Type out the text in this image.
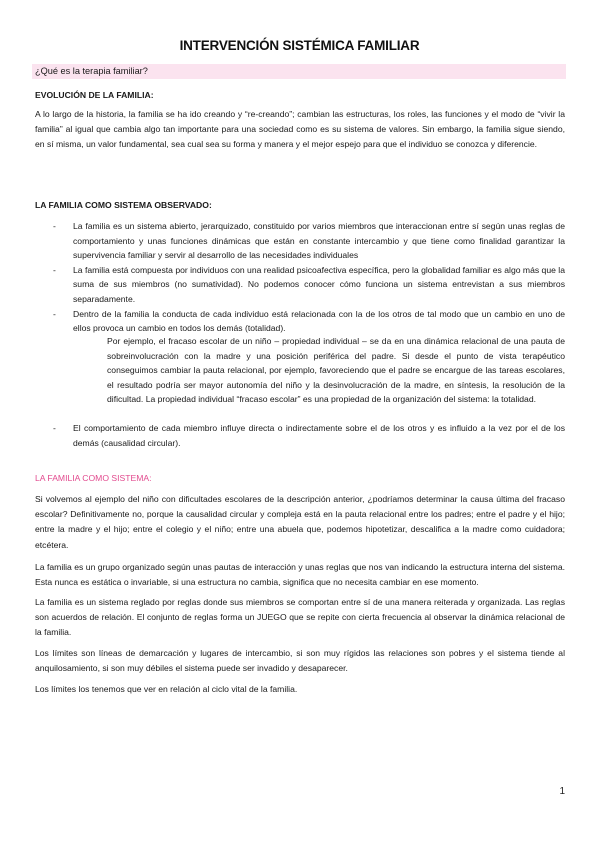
INTERVENCIÓN SISTÉMICA FAMILIAR
¿Qué es la terapia familiar?
EVOLUCIÓN DE LA FAMILIA:
A lo largo de la historia, la familia se ha ido creando y “re-creando”; cambian las estructuras, los roles, las funciones y el modo de “vivir la familia” al igual que cambia algo tan importante para una sociedad como es su sistema de valores. Sin embargo, la familia sigue siendo, en sí misma, un valor fundamental, sea cual sea su forma y manera y el mejor espejo para que el individuo se conozca y diferencie.
LA FAMILIA COMO SISTEMA OBSERVADO:
- La familia es un sistema abierto, jerarquizado, constituido por varios miembros que interaccionan entre sí según unas reglas de comportamiento y unas funciones dinámicas que están en constante intercambio y que tiene como finalidad garantizar la supervivencia familiar y servir al desarrollo de las necesidades individuales
- La familia está compuesta por individuos con una realidad psicoafectiva específica, pero la globalidad familiar es algo más que la suma de sus miembros (no sumatividad). No podemos conocer cómo funciona un sistema entrevistan a sus miembros separadamente.
- Dentro de la familia la conducta de cada individuo está relacionada con la de los otros de tal modo que un cambio en uno de ellos provoca un cambio en todos los demás (totalidad).
Por ejemplo, el fracaso escolar de un niño – propiedad individual – se da en una dinámica relacional de una pauta de sobreinvolucración con la madre y una posición periférica del padre. Si desde el punto de vista terapéutico conseguimos cambiar la pauta relacional, por ejemplo, favoreciendo que el padre se encargue de las tareas escolares, el resultado podría ser mayor autonomía del niño y la desinvolucración de la madre, en síntesis, la resolución de la dificultad. La propiedad individual “fracaso escolar” es una propiedad de la organización del sistema: la totalidad.
- El comportamiento de cada miembro influye directa o indirectamente sobre el de los otros y es influido a la vez por el de los demás (causalidad circular).
LA FAMILIA COMO SISTEMA:
Si volvemos al ejemplo del niño con dificultades escolares de la descripción anterior, ¿podríamos determinar la causa última del fracaso escolar? Definitivamente no, porque la causalidad circular y compleja está en la pauta relacional entre los padres; entre el padre y el hijo; entre la madre y el hijo; entre el colegio y el niño; entre una abuela que, podemos hipotetizar, descalifica a la madre como cuidadora; etcétera.
La familia es un grupo organizado según unas pautas de interacción y unas reglas que nos van indicando la estructura interna del sistema. Esta nunca es estática o invariable, si una estructura no cambia, significa que no necesita cambiar en ese momento.
La familia es un sistema reglado por reglas donde sus miembros se comportan entre sí de una manera reiterada y organizada. Las reglas son acuerdos de relación. El conjunto de reglas forma un JUEGO que se repite con cierta frecuencia al observar la dinámica relacional de la familia.
Los límites son líneas de demarcación y lugares de intercambio, si son muy rígidos las relaciones son pobres y el sistema tiende al anquilosamiento, si son muy débiles el sistema puede ser invadido y desaparecer.
Los límites los tenemos que ver en relación al ciclo vital de la familia.
1
